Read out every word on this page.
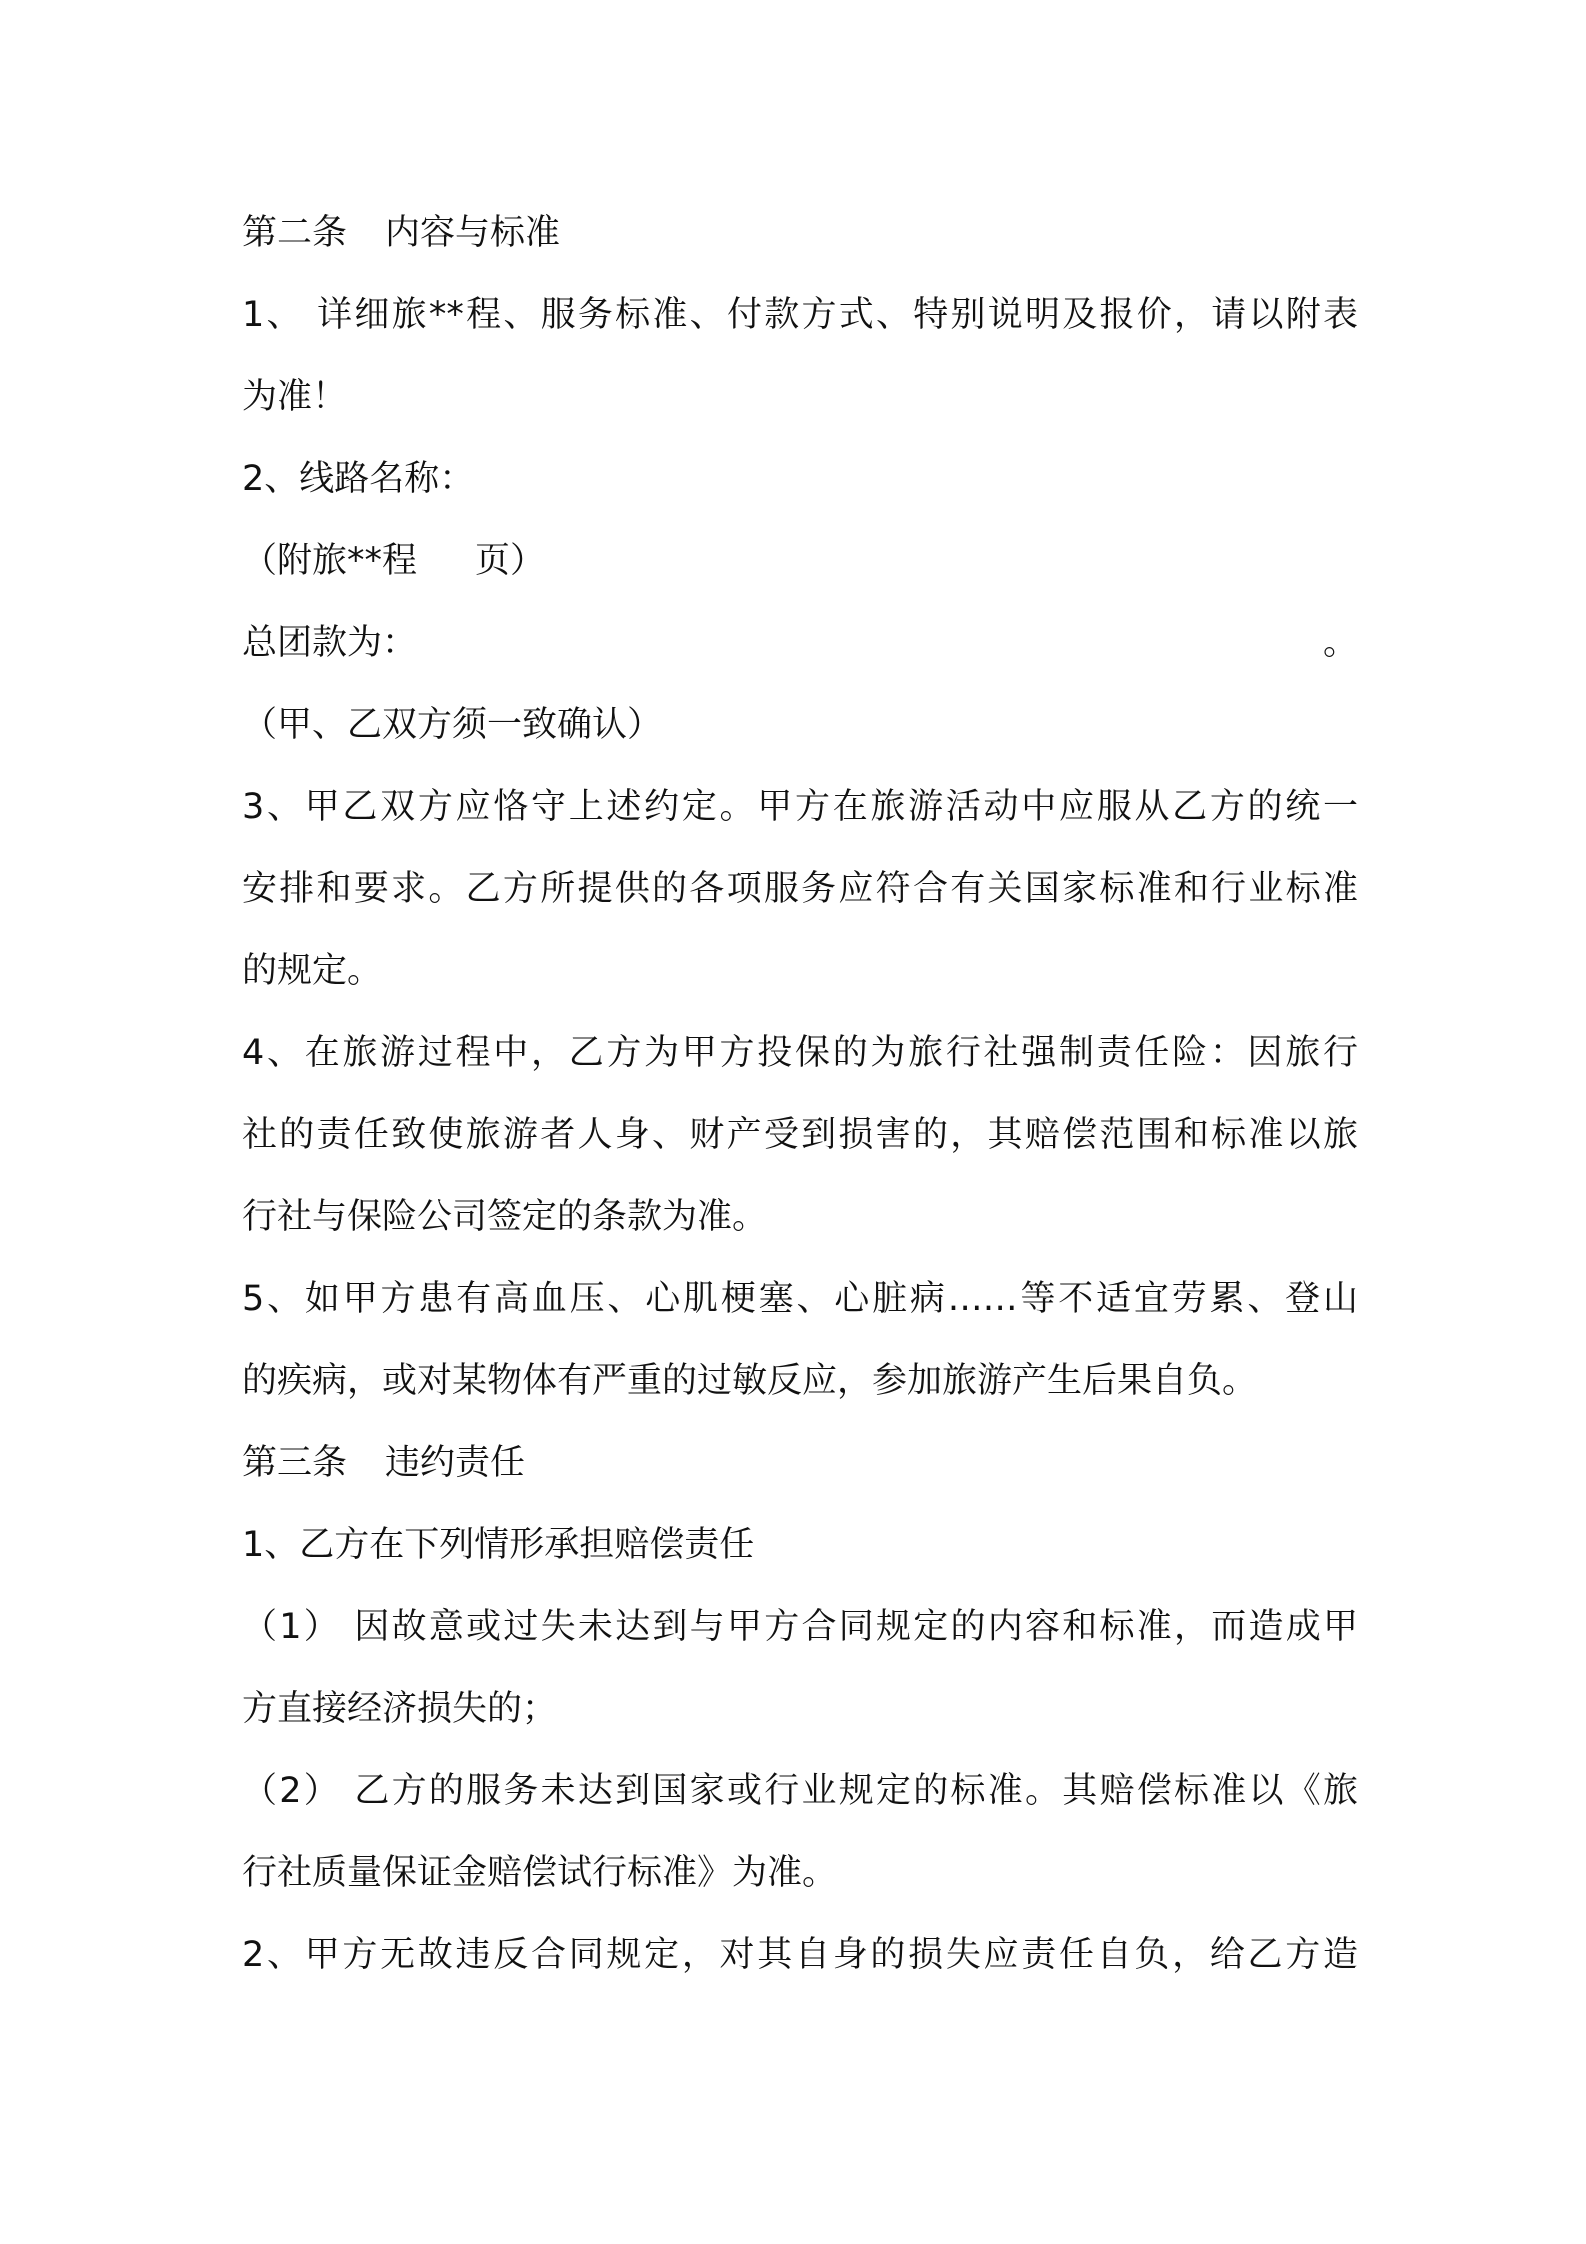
第二条 内容与标准
1、 详细旅**程、服务标准、付款方式、特别说明及报价，请以附表
为准！
2、线路名称：
（附旅**程 页）
总团款为：	。
（甲、乙双方须一致确认）
3、甲乙双方应恪守上述约定。甲方在旅游活动中应服从乙方的统一
安排和要求。乙方所提供的各项服务应符合有关国家标准和行业标准
的规定。
4、在旅游过程中，乙方为甲方投保的为旅行社强制责任险：因旅行
社的责任致使旅游者人身、财产受到损害的，其赔偿范围和标准以旅
行社与保险公司签定的条款为准。
5、如甲方患有高血压、心肌梗塞、心脏病……等不适宜劳累、登山
的疾病，或对某物体有严重的过敏反应，参加旅游产生后果自负。
第三条 违约责任
1、乙方在下列情形承担赔偿责任
（1） 因故意或过失未达到与甲方合同规定的内容和标准，而造成甲
方直接经济损失的；
（2） 乙方的服务未达到国家或行业规定的标准。其赔偿标准以《旅
行社质量保证金赔偿试行标准》为准。
2、甲方无故违反合同规定，对其自身的损失应责任自负，给乙方造
